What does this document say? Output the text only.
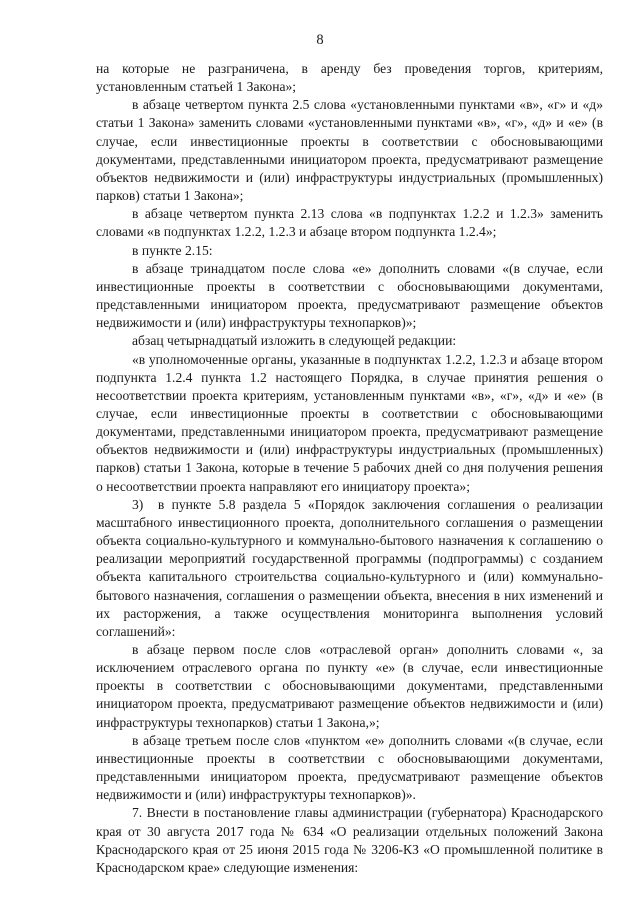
8

на которые не разграничена, в аренду без проведения торгов, критериям, установленным статьей 1 Закона»;

в абзаце четвертом пункта 2.5 слова «установленными пунктами «в», «г» и «д» статьи 1 Закона» заменить словами «установленными пунктами «в», «г», «д» и «е» (в случае, если инвестиционные проекты в соответствии с обосновывающими документами, представленными инициатором проекта, предусматривают размещение объектов недвижимости и (или) инфраструктуры индустриальных (промышленных) парков) статьи 1 Закона»;

в абзаце четвертом пункта 2.13 слова «в подпунктах 1.2.2 и 1.2.3» заменить словами «в подпунктах 1.2.2, 1.2.3 и абзаце втором подпункта 1.2.4»;

в пункте 2.15:

в абзаце тринадцатом после слова «е» дополнить словами «(в случае, если инвестиционные проекты в соответствии с обосновывающими документами, представленными инициатором проекта, предусматривают размещение объектов недвижимости и (или) инфраструктуры технопарков)»;

абзац четырнадцатый изложить в следующей редакции:

«в уполномоченные органы, указанные в подпунктах 1.2.2, 1.2.3 и абзаце втором подпункта 1.2.4 пункта 1.2 настоящего Порядка, в случае принятия решения о несоответствии проекта критериям, установленным пунктами «в», «г», «д» и «е» (в случае, если инвестиционные проекты в соответствии с обосновывающими документами, представленными инициатором проекта, предусматривают размещение объектов недвижимости и (или) инфраструктуры индустриальных (промышленных) парков) статьи 1 Закона, которые в течение 5 рабочих дней со дня получения решения о несоответствии проекта направляют его инициатору проекта»;

3)  в пункте 5.8 раздела 5 «Порядок заключения соглашения о реализации масштабного инвестиционного проекта, дополнительного соглашения о размещении объекта социально-культурного и коммунально-бытового назначения к соглашению о реализации мероприятий государственной программы (подпрограммы) с созданием объекта капитального строительства социально-культурного и (или) коммунально-бытового назначения, соглашения о размещении объекта, внесения в них изменений и их расторжения, а также осуществления мониторинга выполнения условий соглашений»:

в абзаце первом после слов «отраслевой орган» дополнить словами «, за исключением отраслевого органа по пункту «е» (в случае, если инвестиционные проекты в соответствии с обосновывающими документами, представленными инициатором проекта, предусматривают размещение объектов недвижимости и (или) инфраструктуры технопарков) статьи 1 Закона,»;

в абзаце третьем после слов «пунктом «е» дополнить словами «(в случае, если инвестиционные проекты в соответствии с обосновывающими документами, представленными инициатором проекта, предусматривают размещение объектов недвижимости и (или) инфраструктуры технопарков)».

7. Внести в постановление главы администрации (губернатора) Краснодарского края от 30 августа 2017 года № 634 «О реализации отдельных положений Закона Краснодарского края от 25 июня 2015 года № 3206-КЗ «О промышленной политике в Краснодарском крае» следующие изменения:
